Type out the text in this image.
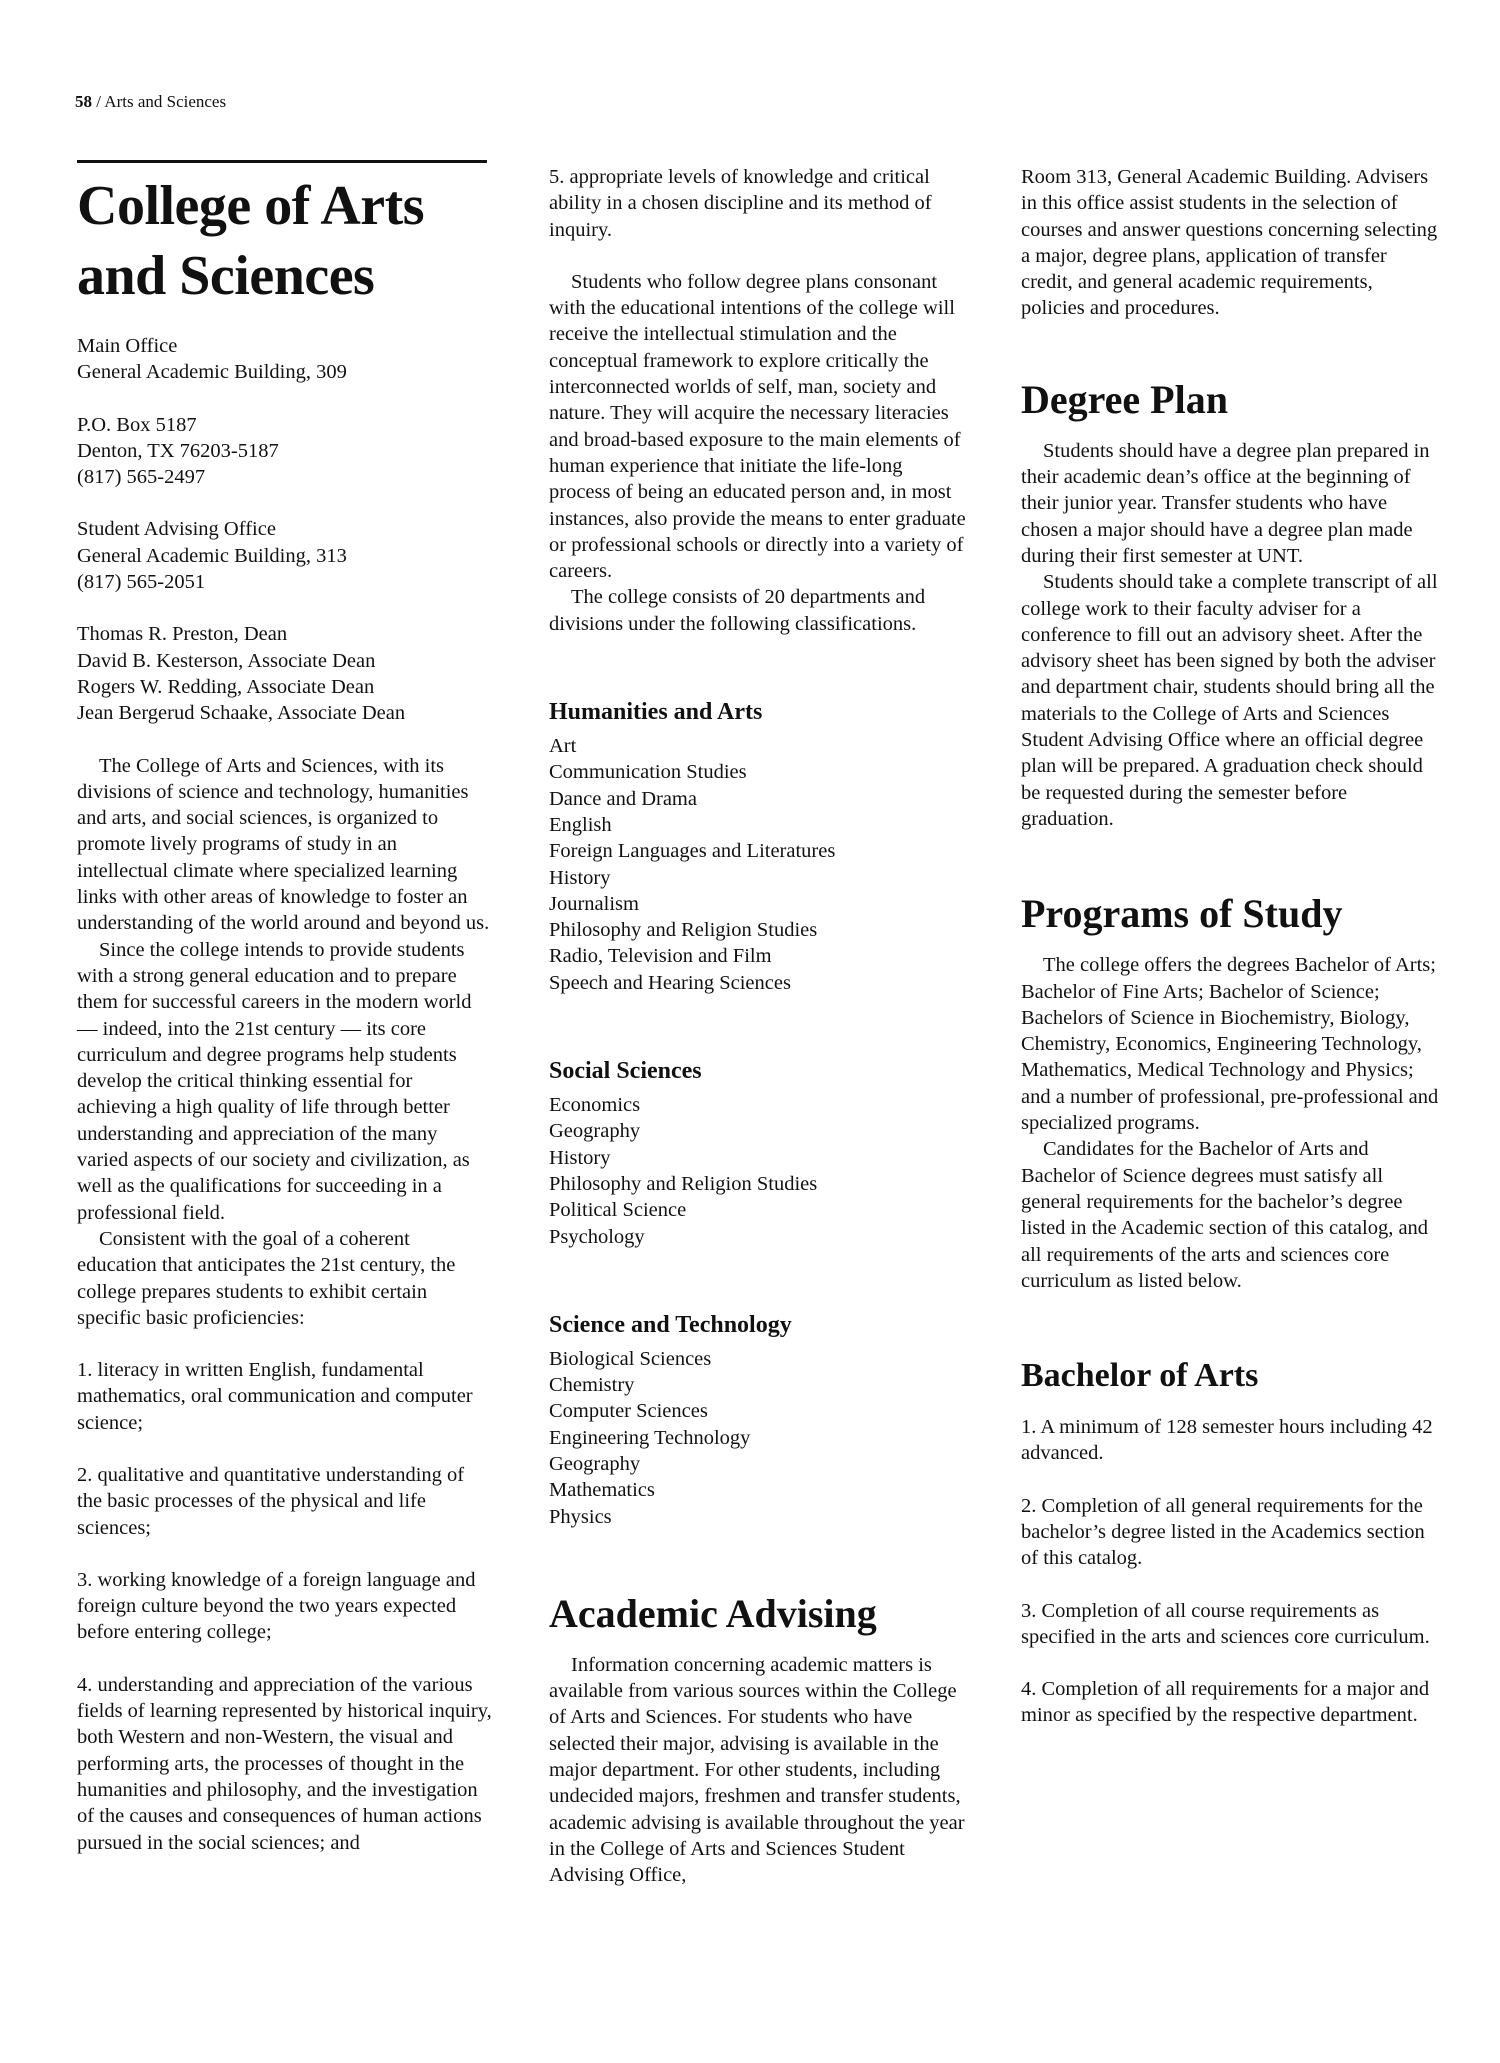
58 / Arts and Sciences
College of Arts
and Sciences
Main Office
General Academic Building, 309
P.O. Box 5187
Denton, TX 76203-5187
(817) 565-2497
Student Advising Office
General Academic Building, 313
(817) 565-2051
Thomas R. Preston, Dean
David B. Kesterson, Associate Dean
Rogers W. Redding, Associate Dean
Jean Bergerud Schaake, Associate Dean

The College of Arts and Sciences, with its divisions of science and technology, humanities and arts, and social sciences, is organized to promote lively programs of study in an intellectual climate where specialized learning links with other areas of knowledge to foster an understanding of the world around and beyond us.

Since the college intends to provide students with a strong general education and to prepare them for successful careers in the modern world — indeed, into the 21st century — its core curriculum and degree programs help students develop the critical thinking essential for achieving a high quality of life through better understanding and appreciation of the many varied aspects of our society and civilization, as well as the qualifications for succeeding in a professional field.

Consistent with the goal of a coherent education that anticipates the 21st century, the college prepares students to exhibit certain specific basic proficiencies:

1. literacy in written English, fundamental mathematics, oral communication and computer science;

2. qualitative and quantitative understanding of the basic processes of the physical and life sciences;

3. working knowledge of a foreign language and foreign culture beyond the two years expected before entering college;

4. understanding and appreciation of the various fields of learning represented by historical inquiry, both Western and non-Western, the visual and performing arts, the processes of thought in the humanities and philosophy, and the investigation of the causes and consequences of human actions pursued in the social sciences; and

5. appropriate levels of knowledge and critical ability in a chosen discipline and its method of inquiry.

Students who follow degree plans consonant with the educational intentions of the college will receive the intellectual stimulation and the conceptual framework to explore critically the interconnected worlds of self, man, society and nature. They will acquire the necessary literacies and broad-based exposure to the main elements of human experience that initiate the life-long process of being an educated person and, in most instances, also provide the means to enter graduate or professional schools or directly into a variety of careers.

The college consists of 20 departments and divisions under the following classifications.

Humanities and Arts
Art
Communication Studies
Dance and Drama
English
Foreign Languages and Literatures
History
Journalism
Philosophy and Religion Studies
Radio, Television and Film
Speech and Hearing Sciences
Social Sciences
Economics
Geography
History
Philosophy and Religion Studies
Political Science
Psychology
Science and Technology
Biological Sciences
Chemistry
Computer Sciences
Engineering Technology
Geography
Mathematics
Physics
Academic Advising

Information concerning academic matters is available from various sources within the College of Arts and Sciences. For students who have selected their major, advising is available in the major department. For other students, including undecided majors, freshmen and transfer students, academic advising is available throughout the year in the College of Arts and Sciences Student Advising Office,

Room 313, General Academic Building. Advisers in this office assist students in the selection of courses and answer questions concerning selecting a major, degree plans, application of transfer credit, and general academic requirements, policies and procedures.

Degree Plan

Students should have a degree plan prepared in their academic dean’s office at the beginning of their junior year. Transfer students who have chosen a major should have a degree plan made during their first semester at UNT.

Students should take a complete transcript of all college work to their faculty adviser for a conference to fill out an advisory sheet. After the advisory sheet has been signed by both the adviser and department chair, students should bring all the materials to the College of Arts and Sciences Student Advising Office where an official degree plan will be prepared. A graduation check should be requested during the semester before graduation.

Programs of Study

The college offers the degrees Bachelor of Arts; Bachelor of Fine Arts; Bachelor of Science; Bachelors of Science in Biochemistry, Biology, Chemistry, Economics, Engineering Technology, Mathematics, Medical Technology and Physics; and a number of professional, pre-professional and specialized programs.

Candidates for the Bachelor of Arts and Bachelor of Science degrees must satisfy all general requirements for the bachelor’s degree listed in the Academic section of this catalog, and all requirements of the arts and sciences core curriculum as listed below.

Bachelor of Arts

1. A minimum of 128 semester hours including 42 advanced.

2. Completion of all general requirements for the bachelor’s degree listed in the Academics section of this catalog.

3. Completion of all course requirements as specified in the arts and sciences core curriculum.

4. Completion of all requirements for a major and minor as specified by the respective department.
